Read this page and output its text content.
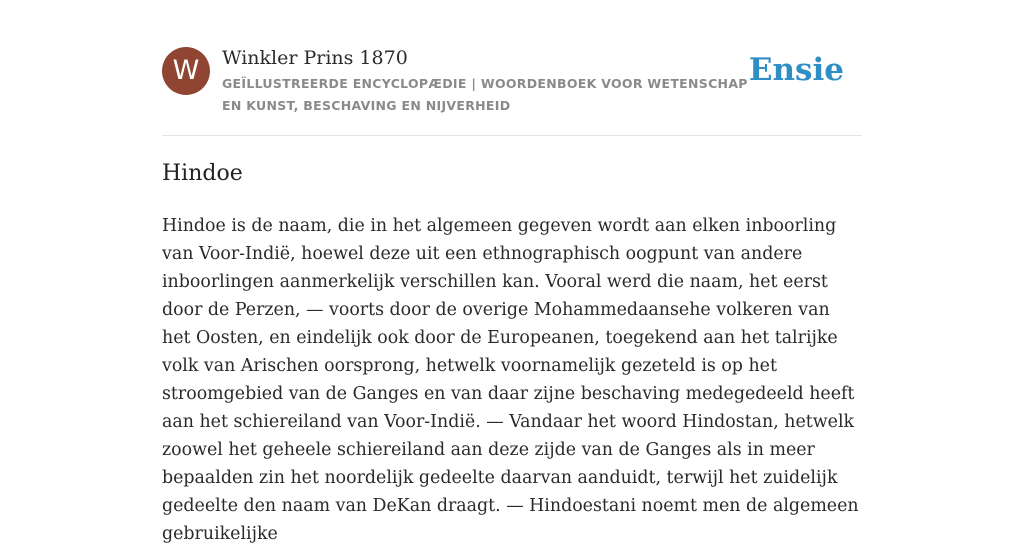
W	Winkler Prins 1870
GEÏLLUSTREERDE ENCYCLOPÆDIE | WOORDENBOEK VOOR WETENSCHAP EN KUNST, BESCHAVING EN NIJVERHEID
Ensie
Hindoe

Hindoe is de naam, die in het algemeen gegeven wordt aan elken inboorling van Voor-Indië, hoewel deze uit een ethnographisch oogpunt van andere inboorlingen aanmerkelijk verschillen kan. Vooral werd die naam, het eerst door de Perzen, — voorts door de overige Mohammedaansehe volkeren van het Oosten, en eindelijk ook door de Europeanen, toegekend aan het talrijke volk van Arischen oorsprong, hetwelk voornamelijk gezeteld is op het stroomgebied van de Ganges en van daar zijne beschaving medegedeeld heeft aan het schiereiland van Voor-Indië. — Vandaar het woord Hindostan, hetwelk zoowel het geheele schiereiland aan deze zijde van de Ganges als in meer bepaalden zin het noordelijk gedeelte daarvan aanduidt, terwijl het zuidelijk gedeelte den naam van DeKan draagt. — Hindoestani noemt men de algemeen gebruikelijke
